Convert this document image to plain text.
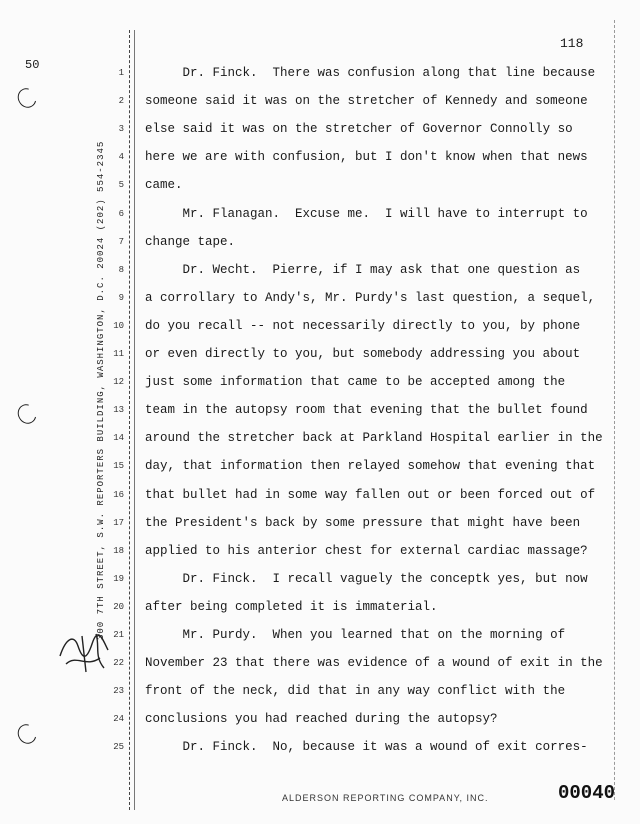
50
118
300 7TH STREET, S.W. REPORTERS BUILDING, WASHINGTON, D.C. 20024 (202) 554-2345
1 Dr. Finck.  There was confusion along that line because
2 someone said it was on the stretcher of Kennedy and someone
3 else said it was on the stretcher of Governor Connolly so
4 here we are with confusion, but I don't know when that news
5 came.
6 Mr. Flanagan.  Excuse me.  I will have to interrupt to
7 change tape.
8 Dr. Wecht.  Pierre, if I may ask that one question as
9 a corrollary to Andy's, Mr. Purdy's last question, a sequel,
10 do you recall -- not necessarily directly to you, by phone
11 or even directly to you, but somebody addressing you about
12 just some information that came to be accepted among the
13 team in the autopsy room that evening that the bullet found
14 around the stretcher back at Parkland Hospital earlier in the
15 day, that information then relayed somehow that evening that
16 that bullet had in some way fallen out or been forced out of
17 the President's back by some pressure that might have been
18 applied to his anterior chest for external cardiac massage?
19 Dr. Finck.  I recall vaguely the conceptk yes, but now
20 after being completed it is immaterial.
21 Mr. Purdy.  When you learned that on the morning of
22 November 23 that there was evidence of a wound of exit in the
23 front of the neck, did that in any way conflict with the
24 conclusions you had reached during the autopsy?
25 Dr. Finck.  No, because it was a wound of exit corres-
ALDERSON REPORTING COMPANY, INC.	00040
